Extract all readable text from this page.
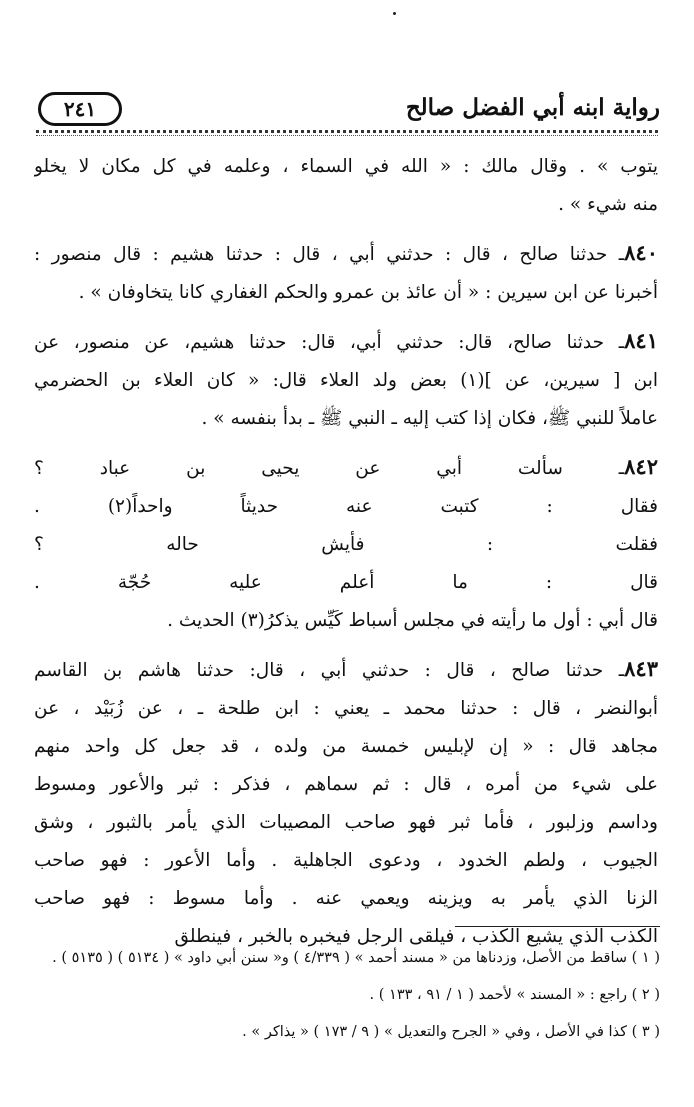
رواية ابنه أبي الفضل صالح
٢٤١
يتوب » . وقال مالك : « الله في السماء ، وعلمه في كل مكان لا يخلو
منه شيء » .
٨٤٠ـ حدثنا صالح ، قال : حدثني أبي ، قال : حدثنا هشيم : قال منصور :
أخبرنا عن ابن سيرين : « أن عائذ بن عمرو والحكم الغفاري كانا يتخاوفان » .
٨٤١ـ حدثنا صالح، قال: حدثني أبي، قال: حدثنا هشيم، عن منصور، عن
ابن [ سيرين، عن ](١) بعض ولد العلاء قال: « كان العلاء بن الحضرمي
عاملاً للنبي ﷺ، فكان إذا كتب إليه ـ النبي ﷺ ـ بدأ بنفسه » .
٨٤٢ـ سألت أبي عن يحيى بن عباد ؟
فقال : كتبت عنه حديثاً واحداً(٢) .
فقلت : فأيش حاله ؟
قال : ما أعلم عليه حُجّة .
قال أبي : أول ما رأيته في مجلس أسباط كَيِّس يذكرُ(٣) الحديث .
٨٤٣ـ حدثنا صالح ، قال : حدثني أبي ، قال: حدثنا هاشم بن القاسم
أبوالنضر ، قال : حدثنا محمد ـ يعني : ابن طلحة ـ ، عن زُبَيْد ، عن
مجاهد قال : « إن لإبليس خمسة من ولده ، قد جعل كل واحد منهم
على شيء من أمره ، قال : ثم سماهم ، فذكر : ثبر والأعور ومسوط
وداسم وزلبور ، فأما ثبر فهو صاحب المصيبات الذي يأمر بالثبور ، وشق
الجيوب ، ولطم الخدود ، ودعوى الجاهلية . وأما الأعور : فهو صاحب
الزنا الذي يأمر به ويزينه ويعمي عنه . وأما مسوط : فهو صاحب
الكذب الذي يشيع الكذب ، فيلقى الرجل فيخبره بالخبر ، فينطلق
( ١ ) ساقط من الأصل، وزدناها من « مسند أحمد » ( ٤/٣٣٩ ) و« سنن أبي داود » ( ٥١٣٤ ) ( ٥١٣٥ ) .
( ٢ ) راجع : « المسند » لأحمد ( ١ / ٩١ ، ١٣٣ ) .
( ٣ ) كذا في الأصل ، وفي « الجرح والتعديل » ( ٩ / ١٧٣ ) « يذاكر » .
